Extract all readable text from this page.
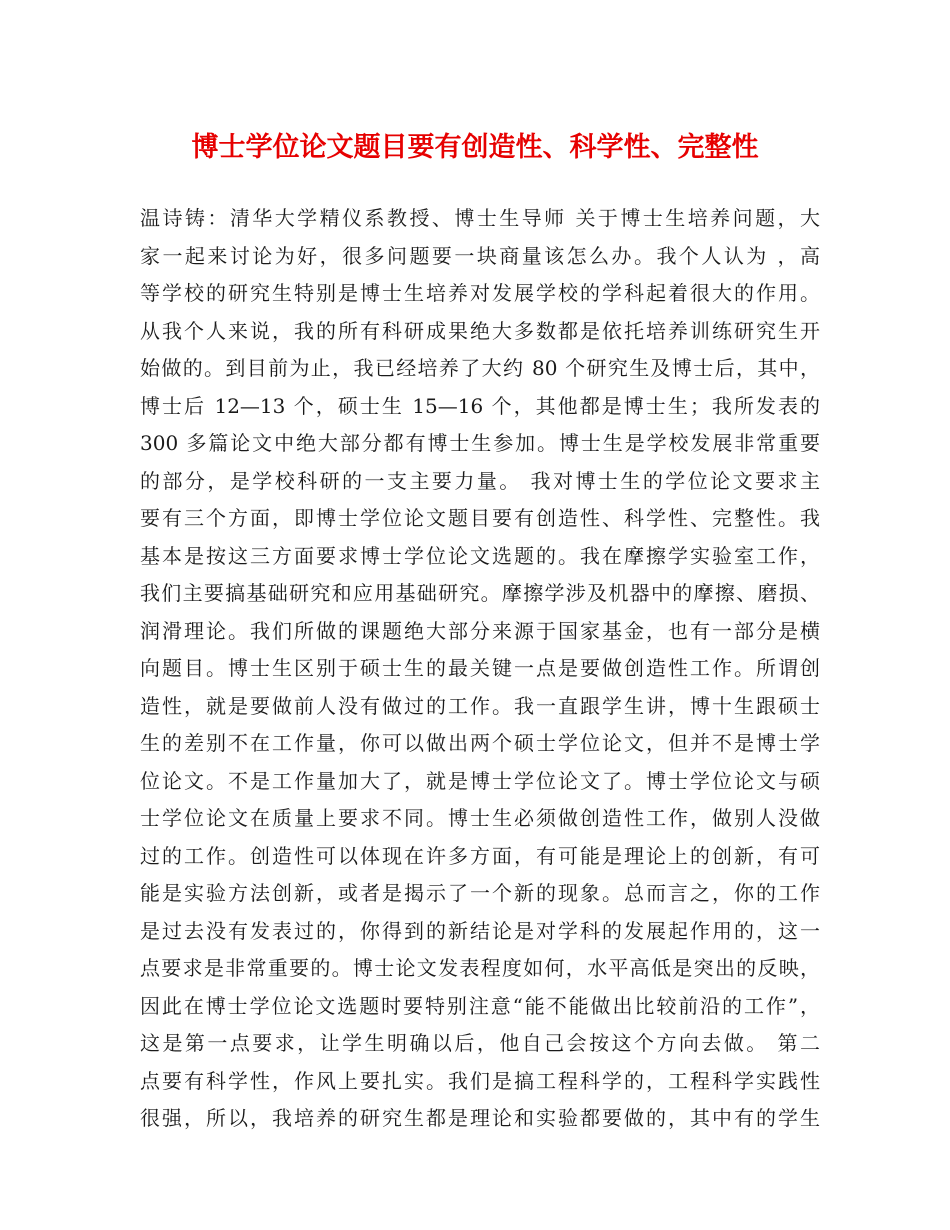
博士学位论文题目要有创造性、科学性、完整性
温诗铸：清华大学精仪系教授、博士生导师 关于博士生培养问题，大
家一起来讨论为好，很多问题要一块商量该怎么办。我个人认为 ，高
等学校的研究生特别是博士生培养对发展学校的学科起着很大的作用。
从我个人来说，我的所有科研成果绝大多数都是依托培养训练研究生开
始做的。到目前为止，我已经培养了大约 80 个研究生及博士后，其中，
博士后 12—13 个，硕士生 15—16 个，其他都是博士生；我所发表的
300 多篇论文中绝大部分都有博士生参加。博士生是学校发展非常重要
的部分，是学校科研的一支主要力量。 我对博士生的学位论文要求主
要有三个方面，即博士学位论文题目要有创造性、科学性、完整性。我
基本是按这三方面要求博士学位论文选题的。我在摩擦学实验室工作，
我们主要搞基础研究和应用基础研究。摩擦学涉及机器中的摩擦、磨损、
润滑理论。我们所做的课题绝大部分来源于国家基金，也有一部分是横
向题目。博士生区别于硕士生的最关键一点是要做创造性工作。所谓创
造性，就是要做前人没有做过的工作。我一直跟学生讲，博十生跟硕士
生的差别不在工作量，你可以做出两个硕士学位论文，但并不是博士学
位论文。不是工作量加大了，就是博士学位论文了。博士学位论文与硕
士学位论文在质量上要求不同。博士生必须做创造性工作，做别人没做
过的工作。创造性可以体现在许多方面，有可能是理论上的创新，有可
能是实验方法创新，或者是揭示了一个新的现象。总而言之，你的工作
是过去没有发表过的，你得到的新结论是对学科的发展起作用的，这一
点要求是非常重要的。博士论文发表程度如何，水平高低是突出的反映，
因此在博士学位论文选题时要特别注意“能不能做出比较前沿的工作”，
这是第一点要求，让学生明确以后，他自己会按这个方向去做。 第二
点要有科学性，作风上要扎实。我们是搞工程科学的，工程科学实践性
很强，所以，我培养的研究生都是理论和实验都要做的，其中有的学生
